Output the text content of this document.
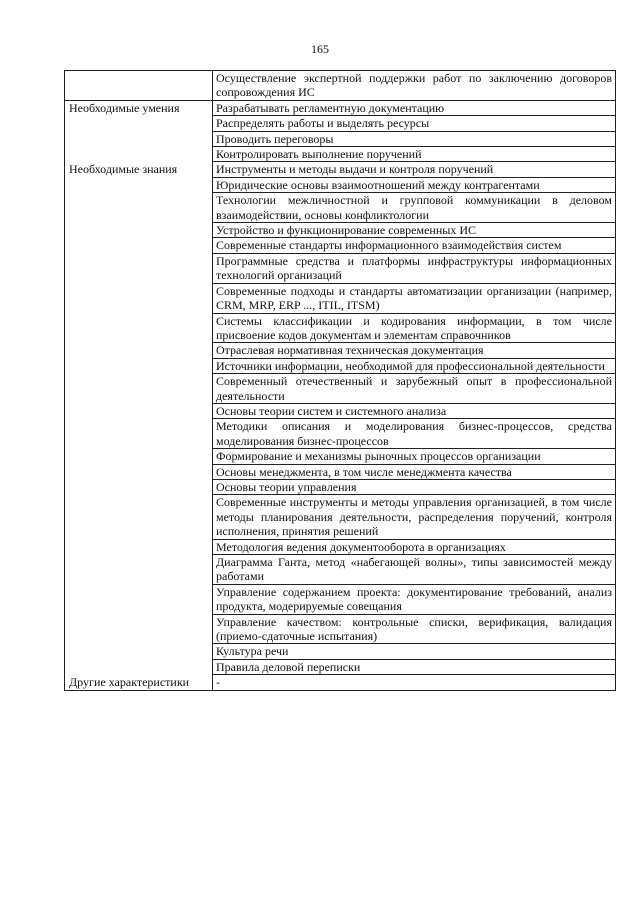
165
	Осуществление экспертной поддержки работ по заключению договоров сопровождения ИС
Необходимые умения	Разрабатывать регламентную документацию
	Распределять работы и выделять ресурсы
	Проводить переговоры
	Контролировать выполнение поручений
Необходимые знания	Инструменты и методы выдачи и контроля поручений
	Юридические основы взаимоотношений между контрагентами
	Технологии межличностной и групповой коммуникации в деловом взаимодействии, основы конфликтологии
	Устройство и функционирование современных ИС
	Современные стандарты информационного взаимодействия систем
	Программные средства и платформы инфраструктуры информационных технологий организаций
	Современные подходы и стандарты автоматизации организации (например, CRM, MRP, ERP ..., ITIL, ITSM)
	Системы классификации и кодирования информации, в том числе присвоение кодов документам и элементам справочников
	Отраслевая нормативная техническая документация
	Источники информации, необходимой для профессиональной деятельности
	Современный отечественный и зарубежный опыт в профессиональной деятельности
	Основы теории систем и системного анализа
	Методики описания и моделирования бизнес-процессов, средства моделирования бизнес-процессов
	Формирование и механизмы рыночных процессов организации
	Основы менеджмента, в том числе менеджмента качества
	Основы теории управления
	Современные инструменты и методы управления организацией, в том числе методы планирования деятельности, распределения поручений, контроля исполнения, принятия решений
	Методология ведения документооборота в организациях
	Диаграмма Ганта, метод «набегающей волны», типы зависимостей между работами
	Управление содержанием проекта: документирование требований, анализ продукта, модерируемые совещания
	Управление качеством: контрольные списки, верификация, валидация (приемо-сдаточные испытания)
	Культура речи
	Правила деловой переписки
Другие характеристики	-
